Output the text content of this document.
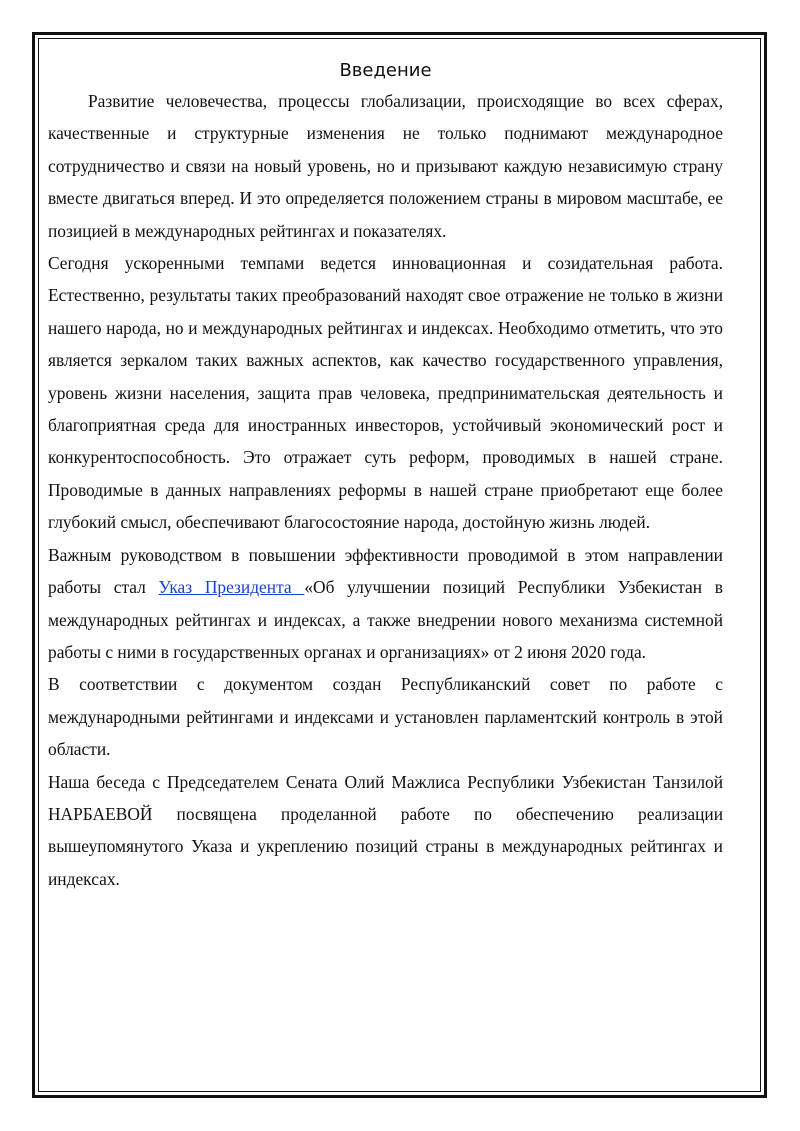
Введение

Развитие человечества, процессы глобализации, происходящие во всех сферах, качественные и структурные изменения не только поднимают международное сотрудничество и связи на новый уровень, но и призывают каждую независимую страну вместе двигаться вперед. И это определяется положением страны в мировом масштабе, ее позицией в международных рейтингах и показателях.

Сегодня ускоренными темпами ведется инновационная и созидательная работа. Естественно, результаты таких преобразований находят свое отражение не только в жизни нашего народа, но и международных рейтингах и индексах. Необходимо отметить, что это является зеркалом таких важных аспектов, как качество государственного управления, уровень жизни населения, защита прав человека, предпринимательская деятельность и благоприятная среда для иностранных инвесторов, устойчивый экономический рост и конкурентоспособность. Это отражает суть реформ, проводимых в нашей стране. Проводимые в данных направлениях реформы в нашей стране приобретают еще более глубокий смысл, обеспечивают благосостояние народа, достойную жизнь людей.

Важным руководством в повышении эффективности проводимой в этом направлении работы стал Указ Президента «Об улучшении позиций Республики Узбекистан в международных рейтингах и индексах, а также внедрении нового механизма системной работы с ними в государственных органах и организациях» от 2 июня 2020 года.

В соответствии с документом создан Республиканский совет по работе с международными рейтингами и индексами и установлен парламентский контроль в этой области.

Наша беседа с Председателем Сената Олий Мажлиса Республики Узбекистан Танзилой НАРБАЕВОЙ посвящена проделанной работе по обеспечению реализации вышеупомянутого Указа и укреплению позиций страны в международных рейтингах и индексах.
